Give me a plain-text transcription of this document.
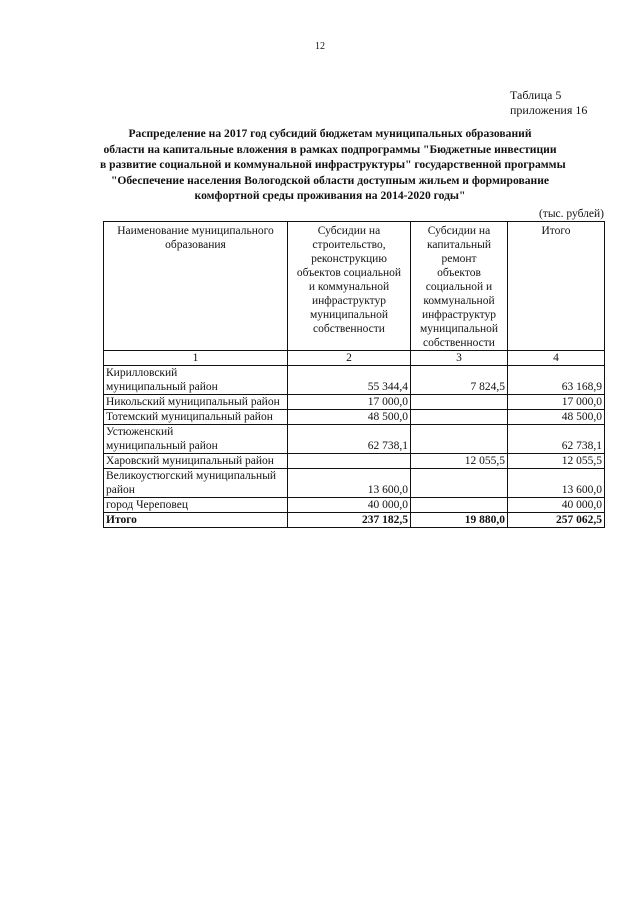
12
Таблица 5
приложения 16
Распределение на 2017 год субсидий бюджетам муниципальных образований
области на капитальные вложения в рамках подпрограммы "Бюджетные инвестиции
в развитие социальной и коммунальной инфраструктуры" государственной программы
"Обеспечение населения Вологодской области доступным жильем и формирование
комфортной среды проживания на 2014-2020 годы"
(тыс. рублей)
Наименование муниципального образования	Субсидии на строительство, реконструкцию объектов социальной и коммунальной инфраструктур муниципальной собственности	Субсидии на капитальный ремонт объектов социальной и коммунальной инфраструктур муниципальной собственности	Итого
1	2	3	4
Кирилловский муниципальный район	55 344,4	7 824,5	63 168,9
Никольский муниципальный район	17 000,0		17 000,0
Тотемский муниципальный район	48 500,0		48 500,0
Устюженский муниципальный район	62 738,1		62 738,1
Харовский муниципальный район		12 055,5	12 055,5
Великоустюгский муниципальный район	13 600,0		13 600,0
город Череповец	40 000,0		40 000,0
Итого	237 182,5	19 880,0	257 062,5
